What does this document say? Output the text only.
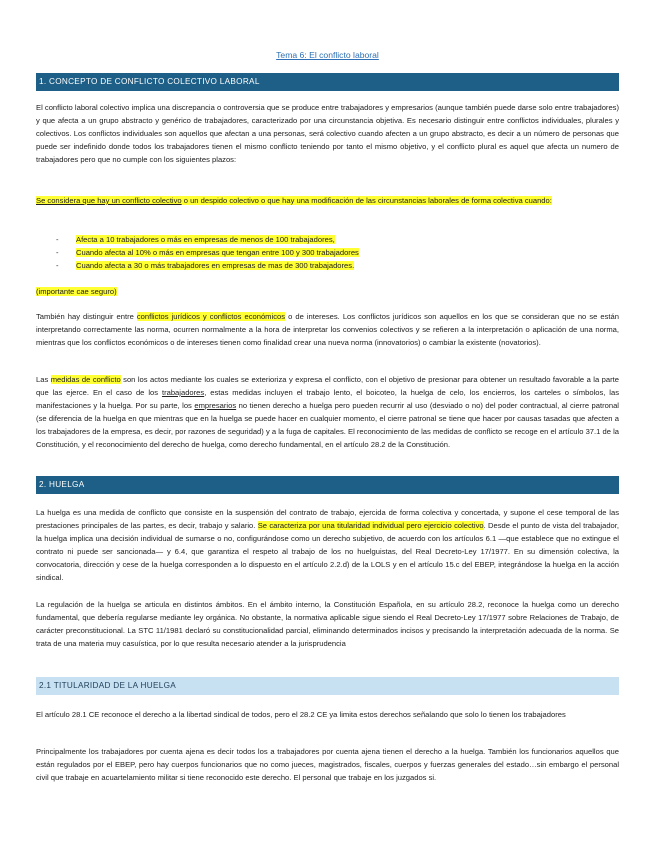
Tema 6: El conflicto laboral
1. CONCEPTO DE CONFLICTO COLECTIVO LABORAL

El conflicto laboral colectivo implica una discrepancia o controversia que se produce entre trabajadores y empresarios (aunque también puede darse solo entre trabajadores) y que afecta a un grupo abstracto y genérico de trabajadores, caracterizado por una circunstancia objetiva. Es necesario distinguir entre conflictos individuales, plurales y colectivos. Los conflictos individuales son aquellos que afectan a una personas, será colectivo cuando afecten a un grupo abstracto, es decir a un número de personas que puede ser indefinido donde todos los trabajadores tienen el mismo conflicto teniendo por tanto el mismo objetivo, y el conflicto plural es aquel que afecta un numero de trabajadores pero que no cumple con los siguientes plazos:

Se considera que hay un conflicto colectivo o un despido colectivo o que hay una modificación de las circunstancias laborales de forma colectiva cuando:

- Afecta a 10 trabajadores o más en empresas de menos de 100 trabajadores,
- Cuando afecta al 10% o más en empresas que tengan entre 100 y 300 trabajadores
- Cuando afecta a 30 o más trabajadores en empresas de mas de 300 trabajadores.

(importante cae seguro)

También hay distinguir entre conflictos jurídicos y conflictos económicos o de intereses. Los conflictos jurídicos son aquellos en los que se consideran que no se están interpretando correctamente las norma, ocurren normalmente a la hora de interpretar los convenios colectivos y se refieren a la interpretación o aplicación de una norma, mientras que los conflictos económicos o de intereses tienen como finalidad crear una nueva norma (innovatorios) o cambiar la existente (novatorios).

Las medidas de conflicto son los actos mediante los cuales se exterioriza y expresa el conflicto, con el objetivo de presionar para obtener un resultado favorable a la parte que las ejerce. En el caso de los trabajadores, estas medidas incluyen el trabajo lento, el boicoteo, la huelga de celo, los encierros, los carteles o símbolos, las manifestaciones y la huelga. Por su parte, los empresarios no tienen derecho a huelga pero pueden recurrir al uso (desviado o no) del poder contractual, al cierre patronal (se diferencia de la huelga en que mientras que en la huelga se puede hacer en cualquier momento, el cierre patronal se tiene que hacer por causas tasadas que afecten a los trabajadores de la empresa, es decir, por razones de seguridad) y a la fuga de capitales. El reconocimiento de las medidas de conflicto se recoge en el artículo 37.1 de la Constitución, y el reconocimiento del derecho de huelga, como derecho fundamental, en el artículo 28.2 de la Constitución.

2. HUELGA

La huelga es una medida de conflicto que consiste en la suspensión del contrato de trabajo, ejercida de forma colectiva y concertada, y supone el cese temporal de las prestaciones principales de las partes, es decir, trabajo y salario. Se caracteriza por una titularidad individual pero ejercicio colectivo. Desde el punto de vista del trabajador, la huelga implica una decisión individual de sumarse o no, configurándose como un derecho subjetivo, de acuerdo con los artículos 6.1 —que establece que no extingue el contrato ni puede ser sancionada— y 6.4, que garantiza el respeto al trabajo de los no huelguistas, del Real Decreto-Ley 17/1977. En su dimensión colectiva, la convocatoria, dirección y cese de la huelga corresponden a lo dispuesto en el artículo 2.2.d) de la LOLS y en el artículo 15.c del EBEP, integrándose la huelga en la acción sindical.

La regulación de la huelga se articula en distintos ámbitos. En el ámbito interno, la Constitución Española, en su artículo 28.2, reconoce la huelga como un derecho fundamental, que debería regularse mediante ley orgánica. No obstante, la normativa aplicable sigue siendo el Real Decreto-Ley 17/1977 sobre Relaciones de Trabajo, de carácter preconstitucional. La STC 11/1981 declaró su constitucionalidad parcial, eliminando determinados incisos y precisando la interpretación adecuada de la norma. Se trata de una materia muy casuística, por lo que resulta necesario atender a la jurisprudencia

2.1 TITULARIDAD DE LA HUELGA

El artículo 28.1 CE reconoce el derecho a la libertad sindical de todos, pero el 28.2 CE ya limita estos derechos señalando que solo lo tienen los trabajadores

Principalmente los trabajadores por cuenta ajena es decir todos los a trabajadores por cuenta ajena tienen el derecho a la huelga. También los funcionarios aquellos que están regulados por el EBEP, pero hay cuerpos funcionarios que no como jueces, magistrados, fiscales, cuerpos y fuerzas generales del estado…sin embargo el personal civil que trabaje en acuartelamiento militar si tiene reconocido este derecho. El personal que trabaje en los juzgados si.
